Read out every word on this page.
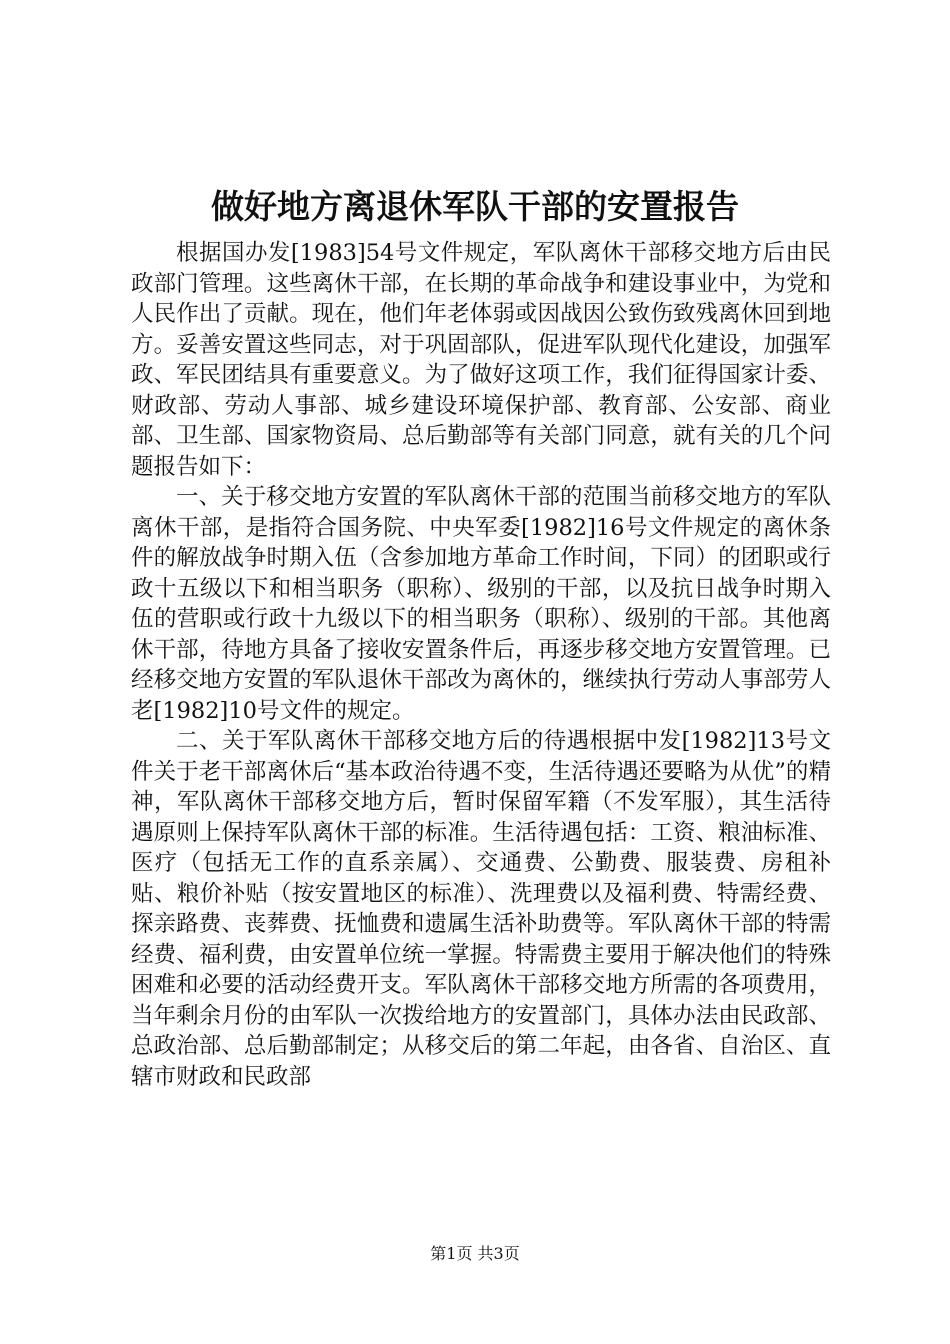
做好地方离退休军队干部的安置报告

根据国办发[1983]54号文件规定，军队离休干部移交地方后由民政部门管理。这些离休干部，在长期的革命战争和建设事业中，为党和人民作出了贡献。现在，他们年老体弱或因战因公致伤致残离休回到地方。妥善安置这些同志，对于巩固部队，促进军队现代化建设，加强军政、军民团结具有重要意义。为了做好这项工作，我们征得国家计委、财政部、劳动人事部、城乡建设环境保护部、教育部、公安部、商业部、卫生部、国家物资局、总后勤部等有关部门同意，就有关的几个问题报告如下：

一、关于移交地方安置的军队离休干部的范围当前移交地方的军队离休干部，是指符合国务院、中央军委[1982]16号文件规定的离休条件的解放战争时期入伍（含参加地方革命工作时间，下同）的团职或行政十五级以下和相当职务（职称）、级别的干部，以及抗日战争时期入伍的营职或行政十九级以下的相当职务（职称）、级别的干部。其他离休干部，待地方具备了接收安置条件后，再逐步移交地方安置管理。已经移交地方安置的军队退休干部改为离休的，继续执行劳动人事部劳人老[1982]10号文件的规定。

二、关于军队离休干部移交地方后的待遇根据中发[1982]13号文件关于老干部离休后“基本政治待遇不变，生活待遇还要略为从优”的精神，军队离休干部移交地方后，暂时保留军籍（不发军服），其生活待遇原则上保持军队离休干部的标准。生活待遇包括：工资、粮油标准、医疗（包括无工作的直系亲属）、交通费、公勤费、服装费、房租补贴、粮价补贴（按安置地区的标准）、洗理费以及福利费、特需经费、探亲路费、丧葬费、抚恤费和遗属生活补助费等。军队离休干部的特需经费、福利费，由安置单位统一掌握。特需费主要用于解决他们的特殊困难和必要的活动经费开支。军队离休干部移交地方所需的各项费用，当年剩余月份的由军队一次拨给地方的安置部门，具体办法由民政部、总政治部、总后勤部制定；从移交后的第二年起，由各省、自治区、直辖市财政和民政部

第1页 共3页
